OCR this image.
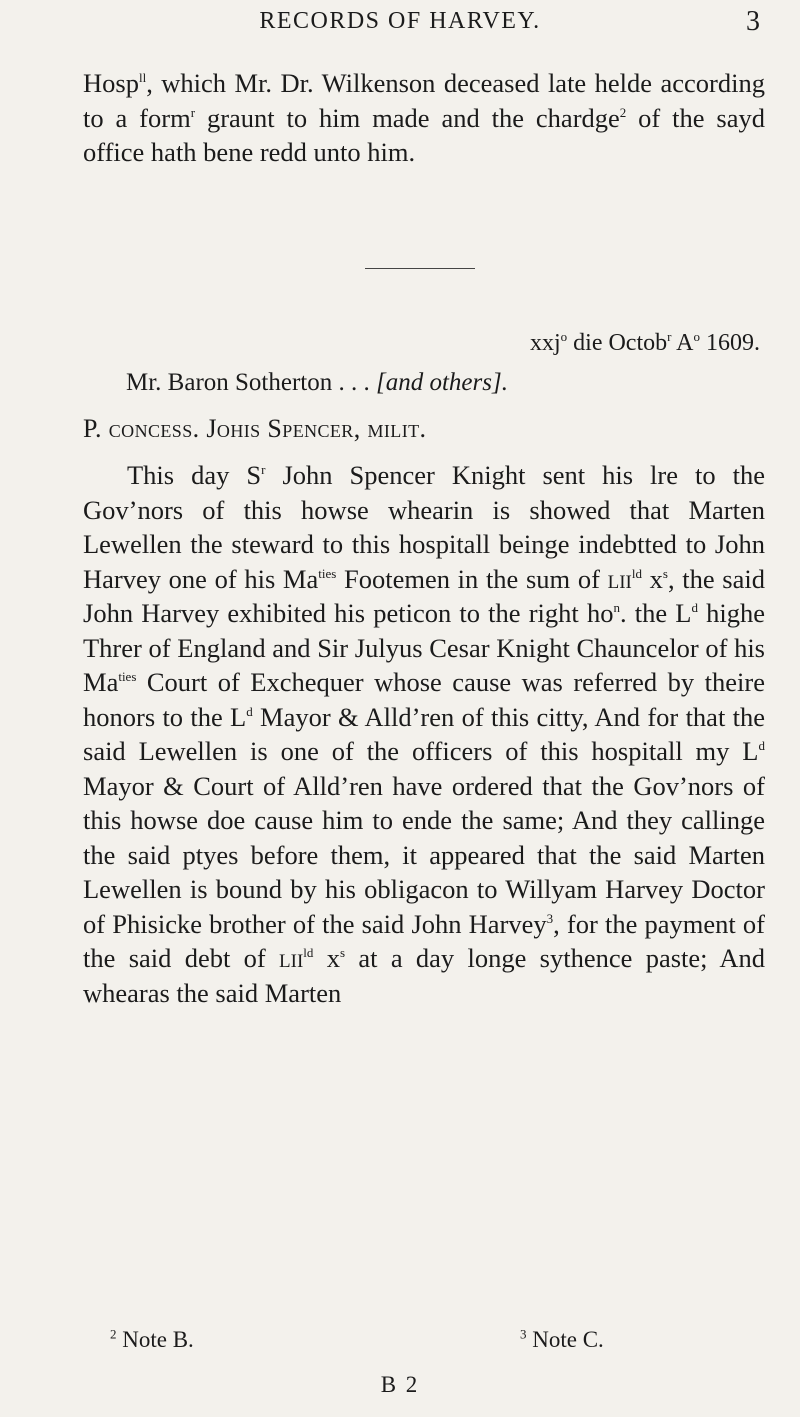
RECORDS OF HARVEY.	3
Hosp$^{ll}$, which Mr. Dr. Wilkenson deceased late helde according to a form$^r$ graunt to him made and the chardge$^2$ of the sayd office hath bene redd unto him.
xxj$^o$ die Octob$^r$ $A^o$ 1609.
Mr. Baron Sotherton . . . [and others].
P. concess. Johis Spencer, milit.
This day $S^r$ John Spencer Knight sent his lre to the Gov’nors of this howse whearin is showed that Marten Lewellen the steward to this hospitall beinge indebtted to John Harvey one of his $Ma^{ties}$ Footemen in the sum of lii$^{ld}$ $x^s$, the said John Harvey exhibited his peticon to the right $ho^n$. the $L^d$ highe Threr of England and Sir Julyus Cesar Knight Chauncelor of his $Ma^{ties}$ Court of Exchequer whose cause was referred by theire honors to the $L^d$ Mayor & Alld’ren of this citty, And for that the said Lewellen is one of the officers of this hospitall my $L^d$ Mayor & Court of Alld’ren have ordered that the Gov’nors of this howse doe cause him to ende the same; And they callinge the said ptyes before them, it appeared that the said Marten Lewellen is bound by his obligacon to Willyam Harvey Doctor of Phisicke brother of the said John Harvey$^3$, for the payment of the said debt of lii$^{ld}$ $x^s$ at a day longe sythence paste; And whearas the said Marten
$^2$ Note B.	$^3$ Note C.
B 2
